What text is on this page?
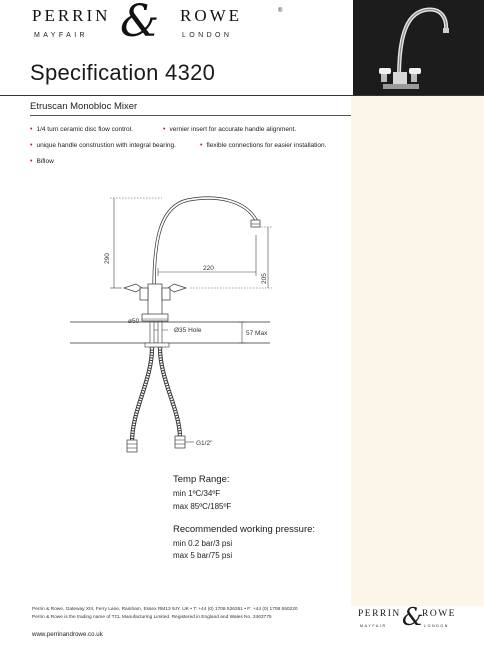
PERRIN & ROWE	®
MAYFAIR	LONDON
Specification 4320
Etruscan Monobloc Mixer
• 1/4 turn ceramic disc flow control.	• vernier insert for accurate handle alignment.
• unique handle construstion with integral bearing.	• flexible connections for easier installation.
• Biflow
290
205
220
ø50
Ø35 Hole	57 Max
G1/2"
Temp Range:
min 1ºC/34ºF
max 85ºC/185ºF
Recommended working pressure:
min 0.2 bar/3 psi
max 5 bar/75 psi
Perrin & Rowe, Gateway XIII, Ferry Lane, Rainham, Essex RM13 9JY. UK • T: +44 (0) 1708 526361 • F: +44 (0) 1708 550220
Perrin & Rowe is the trading name of TCL Manufacturing Limited. Registered in England and Wales No. 2463775
www.perrinandrowe.co.uk
PERRIN &
ROWE
MAYFAIR	LONDON
